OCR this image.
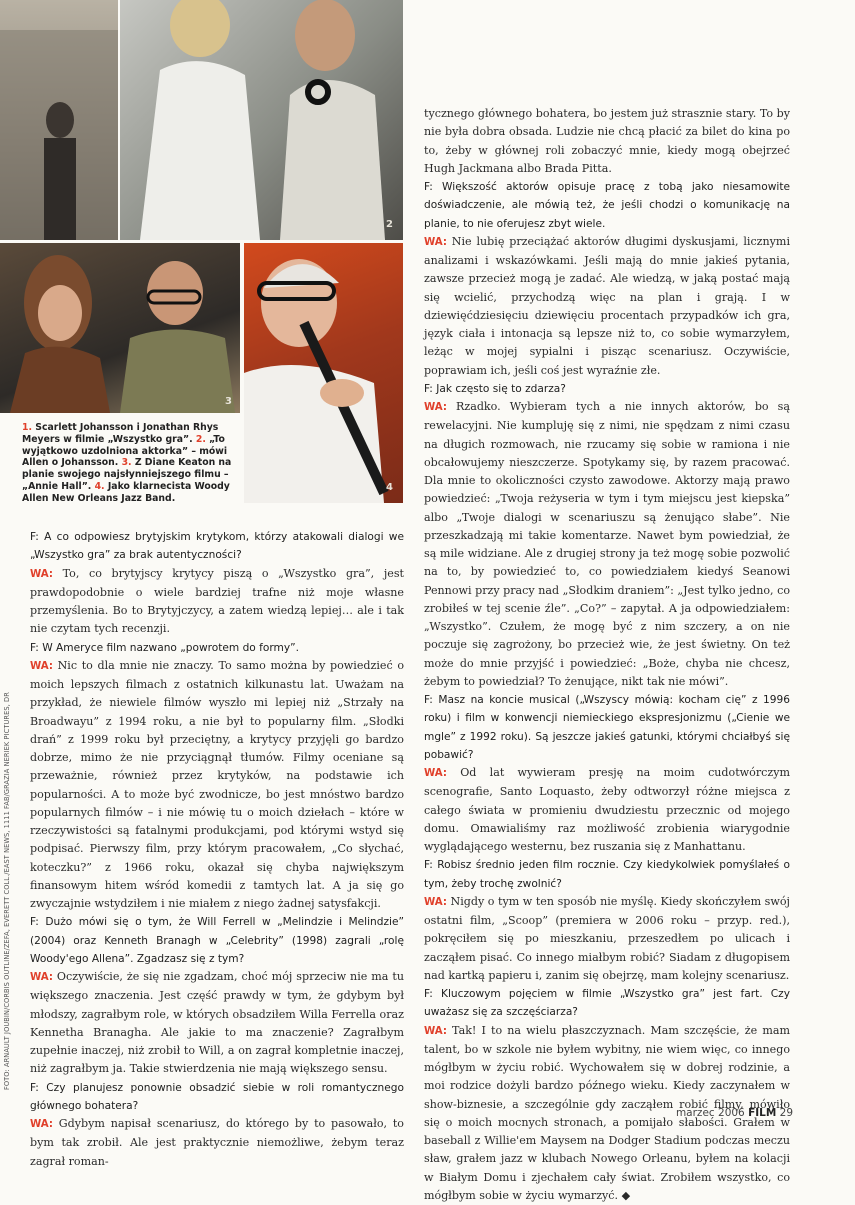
2
3
4
1. Scarlett Johansson i Jonathan Rhys Meyers w filmie „Wszystko gra”. 2. „To wyjątkowo uzdolniona aktorka” – mówi Allen o Johansson. 3. Z Diane Keaton na planie swojego najsłynniejszego filmu – „Annie Hall”. 4. Jako klarnecista Woody Allen New Orleans Jazz Band.
FOTO: ARNAULT JOUBIN/CORBIS OUTLINE/ZEFA, EVERETT COLL./EAST NEWS, 1111 FAB/GRAZIA NERIEK PICTURES, DR

F: A co odpowiesz brytyjskim krytykom, którzy atakowali dialogi we „Wszystko gra” za brak autentyczności?

WA: To, co brytyjscy krytycy piszą o „Wszystko gra”, jest prawdopodobnie o wiele bardziej trafne niż moje własne przemyślenia. Bo to Brytyjczycy, a zatem wiedzą lepiej… ale i tak nie czytam tych recenzji.

F: W Ameryce film nazwano „powrotem do formy”.

WA: Nic to dla mnie nie znaczy. To samo można by powiedzieć o moich lepszych filmach z ostatnich kilkunastu lat. Uważam na przykład, że niewiele filmów wyszło mi lepiej niż „Strzały na Broadwayu” z 1994 roku, a nie był to popularny film. „Słodki drań” z 1999 roku był przeciętny, a krytycy przyjęli go bardzo dobrze, mimo że nie przyciągnął tłumów. Filmy oceniane są przeważnie, również przez krytyków, na podstawie ich popularności. A to może być zwodnicze, bo jest mnóstwo bardzo popularnych filmów – i nie mówię tu o moich dziełach – które w rzeczywistości są fatalnymi produkcjami, pod którymi wstyd się podpisać. Pierwszy film, przy którym pracowałem, „Co słychać, koteczku?” z 1966 roku, okazał się chyba największym finansowym hitem wśród komedii z tamtych lat. A ja się go zwyczajnie wstydziłem i nie miałem z niego żadnej satysfakcji.

F: Dużo mówi się o tym, że Will Ferrell w „Melindzie i Melindzie” (2004) oraz Kenneth Branagh w „Celebrity” (1998) zagrali „rolę Woody'ego Allena”. Zgadzasz się z tym?

WA: Oczywiście, że się nie zgadzam, choć mój sprzeciw nie ma tu większego znaczenia. Jest część prawdy w tym, że gdybym był młodszy, zagrałbym role, w których obsadziłem Willa Ferrella oraz Kennetha Branagha. Ale jakie to ma znaczenie? Zagrałbym zupełnie inaczej, niż zrobił to Will, a on zagrał kompletnie inaczej, niż zagrałbym ja. Takie stwierdzenia nie mają większego sensu.

F: Czy planujesz ponownie obsadzić siebie w roli romantycznego głównego bohatera?

WA: Gdybym napisał scenariusz, do którego by to pasowało, to bym tak zrobił. Ale jest praktycznie niemożliwe, żebym teraz zagrał roman-

tycznego głównego bohatera, bo jestem już strasznie stary. To by nie była dobra obsada. Ludzie nie chcą płacić za bilet do kina po to, żeby w głównej roli zobaczyć mnie, kiedy mogą obejrzeć Hugh Jackmana albo Brada Pitta.

F: Większość aktorów opisuje pracę z tobą jako niesamowite doświadczenie, ale mówią też, że jeśli chodzi o komunikację na planie, to nie oferujesz zbyt wiele.

WA: Nie lubię przeciążać aktorów długimi dyskusjami, licznymi analizami i wskazówkami. Jeśli mają do mnie jakieś pytania, zawsze przecież mogą je zadać. Ale wiedzą, w jaką postać mają się wcielić, przychodzą więc na plan i grają. I w dziewięćdziesięciu dziewięciu procentach przypadków ich gra, język ciała i intonacja są lepsze niż to, co sobie wymarzyłem, leżąc w mojej sypialni i pisząc scenariusz. Oczywiście, poprawiam ich, jeśli coś jest wyraźnie złe.

F: Jak często się to zdarza?

WA: Rzadko. Wybieram tych a nie innych aktorów, bo są rewelacyjni. Nie kumpluję się z nimi, nie spędzam z nimi czasu na długich rozmowach, nie rzucamy się sobie w ramiona i nie obcałowujemy nieszczerze. Spotykamy się, by razem pracować. Dla mnie to okoliczności czysto zawodowe. Aktorzy mają prawo powiedzieć: „Twoja reżyseria w tym i tym miejscu jest kiepska” albo „Twoje dialogi w scenariuszu są żenująco słabe”. Nie przeszkadzają mi takie komentarze. Nawet bym powiedział, że są mile widziane. Ale z drugiej strony ja też mogę sobie pozwolić na to, by powiedzieć to, co powiedziałem kiedyś Seanowi Pennowi przy pracy nad „Słodkim draniem”: „Jest tylko jedno, co zrobiłeś w tej scenie źle”. „Co?” – zapytał. A ja odpowiedziałem: „Wszystko”. Czułem, że mogę być z nim szczery, a on nie poczuje się zagrożony, bo przecież wie, że jest świetny. On też może do mnie przyjść i powiedzieć: „Boże, chyba nie chcesz, żebym to powiedział? To żenujące, nikt tak nie mówi”.

F: Masz na koncie musical („Wszyscy mówią: kocham cię” z 1996 roku) i film w konwencji niemieckiego ekspresjonizmu („Cienie we mgle” z 1992 roku). Są jeszcze jakieś gatunki, którymi chciałbyś się pobawić?

WA: Od lat wywieram presję na moim cudotwórczym scenografie, Santo Loquasto, żeby odtworzył różne miejsca z całego świata w promieniu dwudziestu przecznic od mojego domu. Omawialiśmy raz możliwość zrobienia wiarygodnie wyglądającego westernu, bez ruszania się z Manhattanu.

F: Robisz średnio jeden film rocznie. Czy kiedykolwiek pomyślałeś o tym, żeby trochę zwolnić?

WA: Nigdy o tym w ten sposób nie myślę. Kiedy skończyłem swój ostatni film, „Scoop” (premiera w 2006 roku – przyp. red.), pokręciłem się po mieszkaniu, przeszedłem po ulicach i zacząłem pisać. Co innego miałbym robić? Siadam z długopisem nad kartką papieru i, zanim się obejrzę, mam kolejny scenariusz.

F: Kluczowym pojęciem w filmie „Wszystko gra” jest fart. Czy uważasz się za szczęściarza?

WA: Tak! I to na wielu płaszczyznach. Mam szczęście, że mam talent, bo w szkole nie byłem wybitny, nie wiem więc, co innego mógłbym w życiu robić. Wychowałem się w dobrej rodzinie, a moi rodzice dożyli bardzo późnego wieku. Kiedy zaczynałem w show-biznesie, a szczególnie gdy zacząłem robić filmy, mówiło się o moich mocnych stronach, a pomijało słabości. Grałem w baseball z Willie'em Maysem na Dodger Stadium podczas meczu sław, grałem jazz w klubach Nowego Orleanu, byłem na kolacji w Białym Domu i zjechałem cały świat. Zrobiłem wszystko, co mógłbym sobie w życiu wymarzyć. ◆

marzec 2006 FILM 29
